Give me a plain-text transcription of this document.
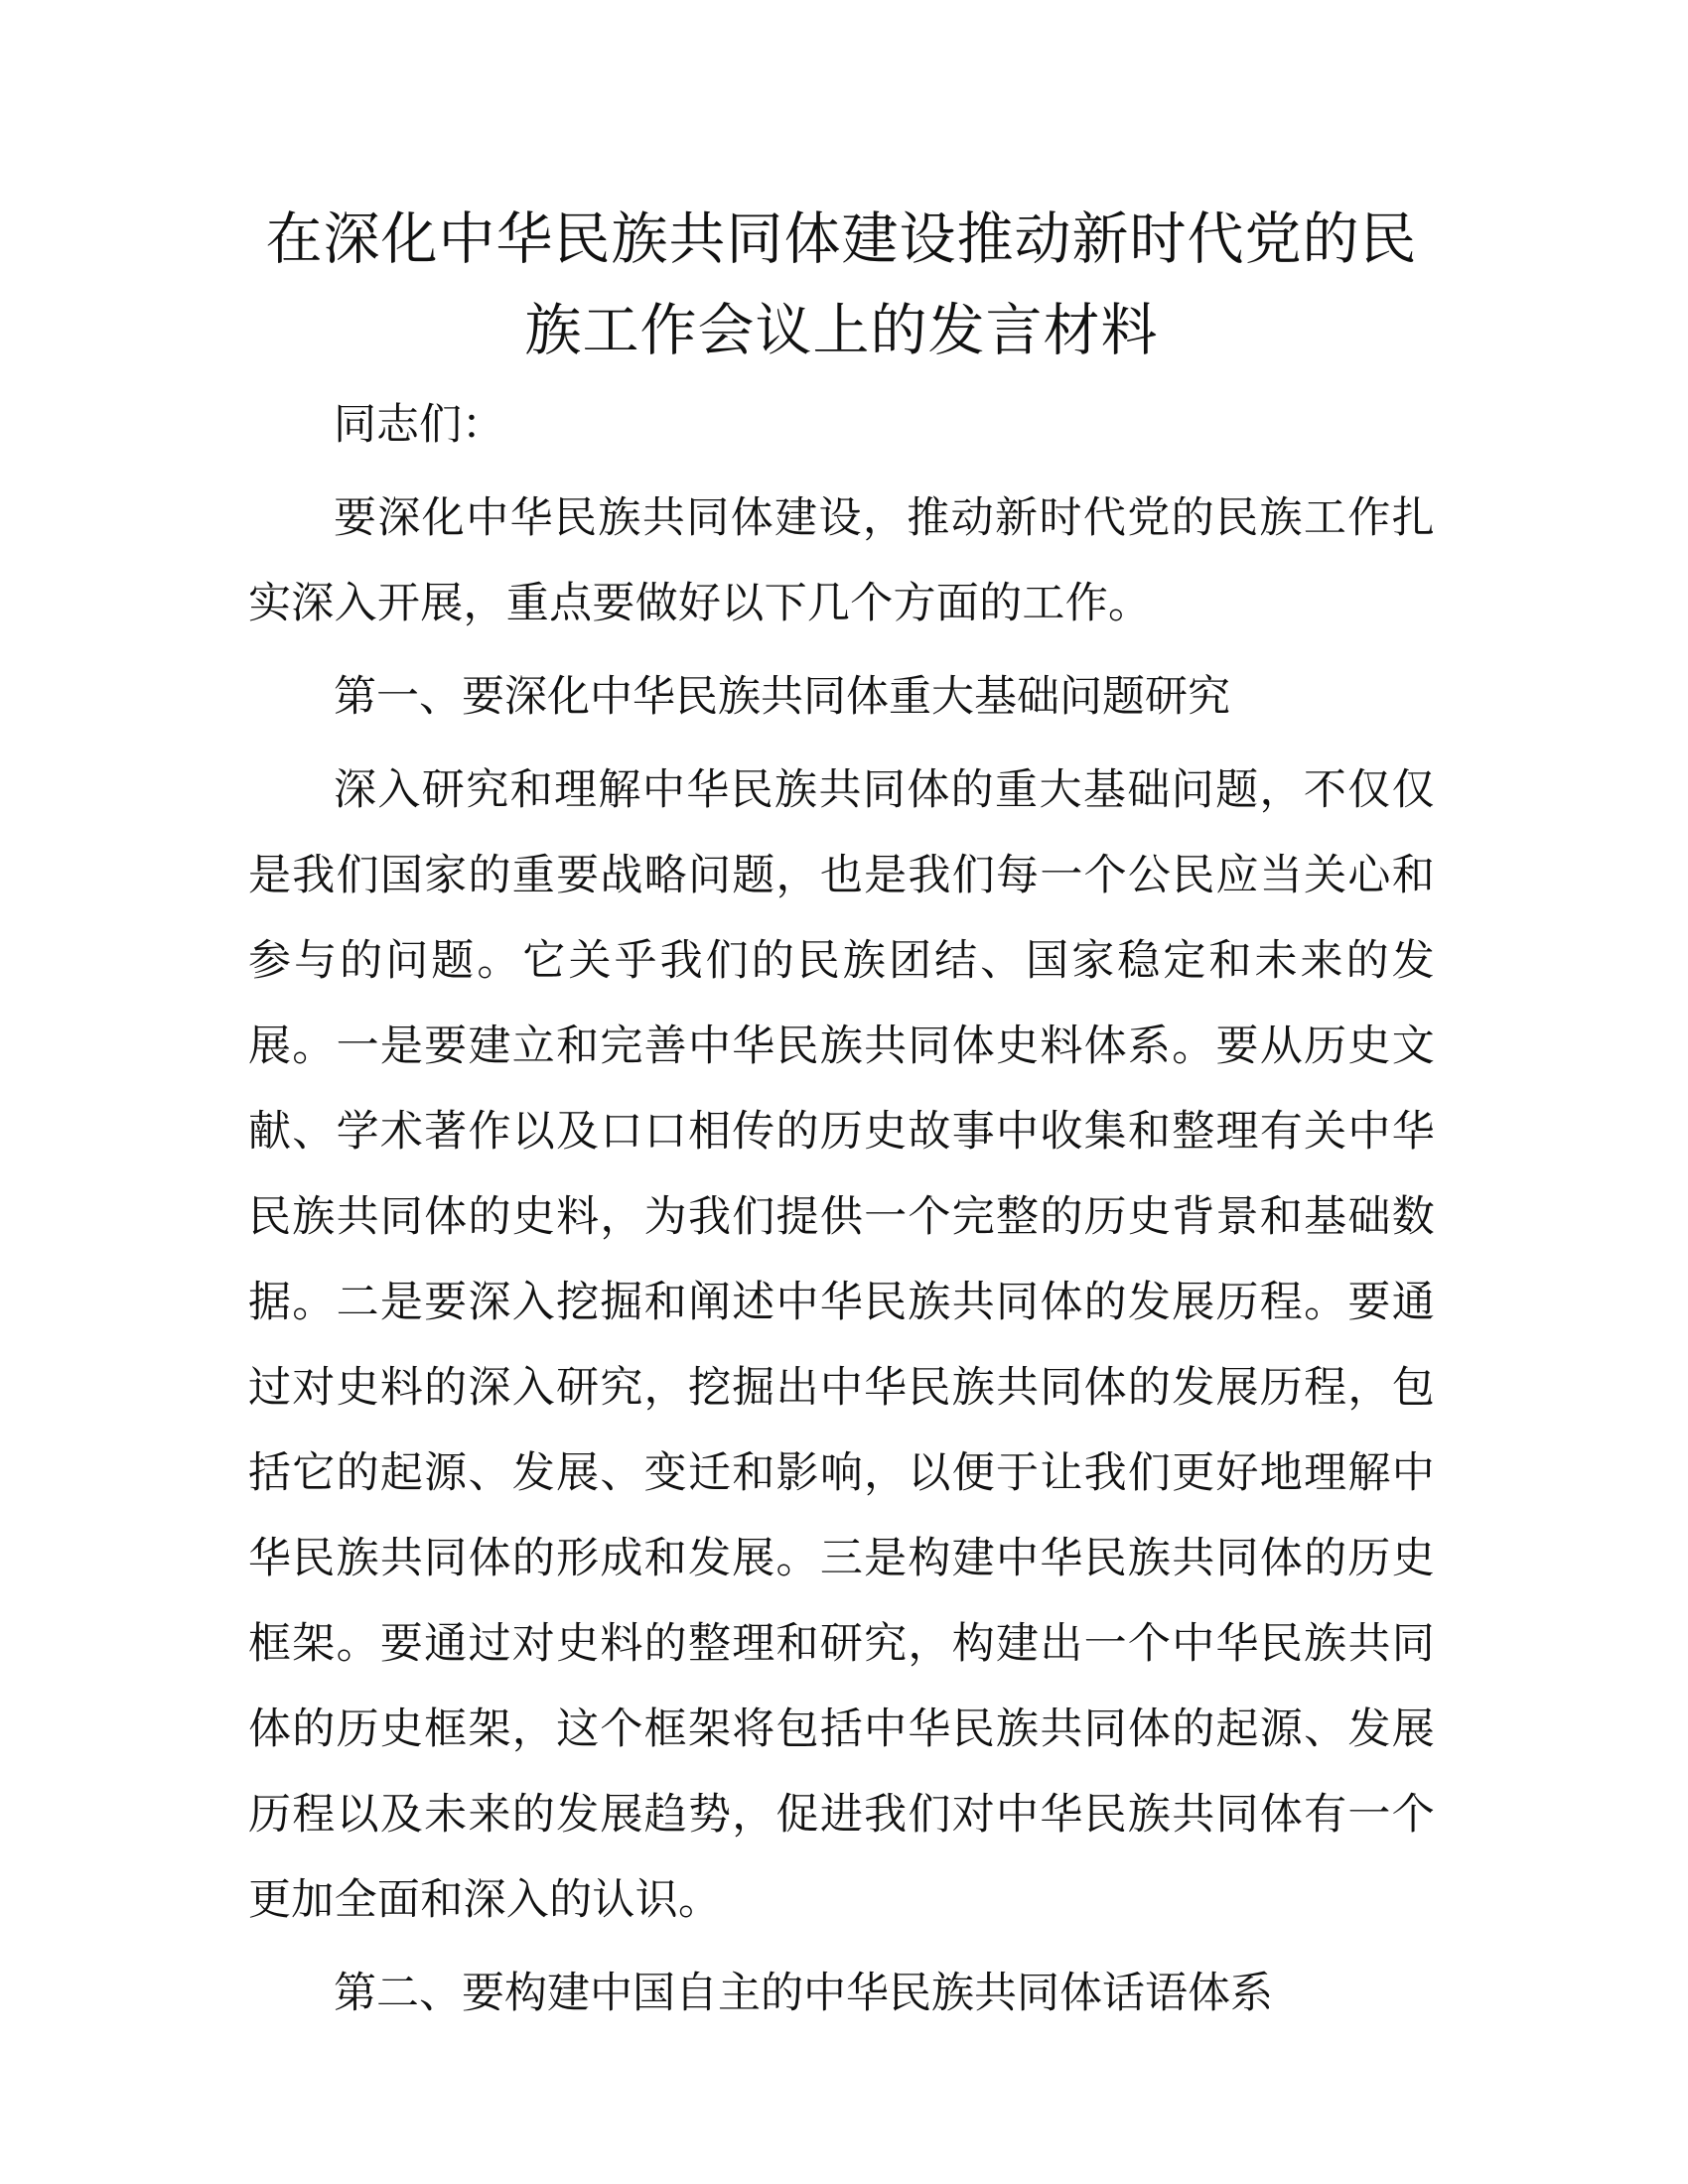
在深化中华民族共同体建设推动新时代党的民
族工作会议上的发言材料

同志们：

要深化中华民族共同体建设，推动新时代党的民族工作扎实深入开展，重点要做好以下几个方面的工作。

第一、要深化中华民族共同体重大基础问题研究

深入研究和理解中华民族共同体的重大基础问题，不仅仅是我们国家的重要战略问题，也是我们每一个公民应当关心和参与的问题。它关乎我们的民族团结、国家稳定和未来的发展。一是要建立和完善中华民族共同体史料体系。要从历史文献、学术著作以及口口相传的历史故事中收集和整理有关中华民族共同体的史料，为我们提供一个完整的历史背景和基础数据。二是要深入挖掘和阐述中华民族共同体的发展历程。要通过对史料的深入研究，挖掘出中华民族共同体的发展历程，包括它的起源、发展、变迁和影响，以便于让我们更好地理解中华民族共同体的形成和发展。三是构建中华民族共同体的历史框架。要通过对史料的整理和研究，构建出一个中华民族共同体的历史框架，这个框架将包括中华民族共同体的起源、发展历程以及未来的发展趋势，促进我们对中华民族共同体有一个更加全面和深入的认识。

第二、要构建中国自主的中华民族共同体话语体系
